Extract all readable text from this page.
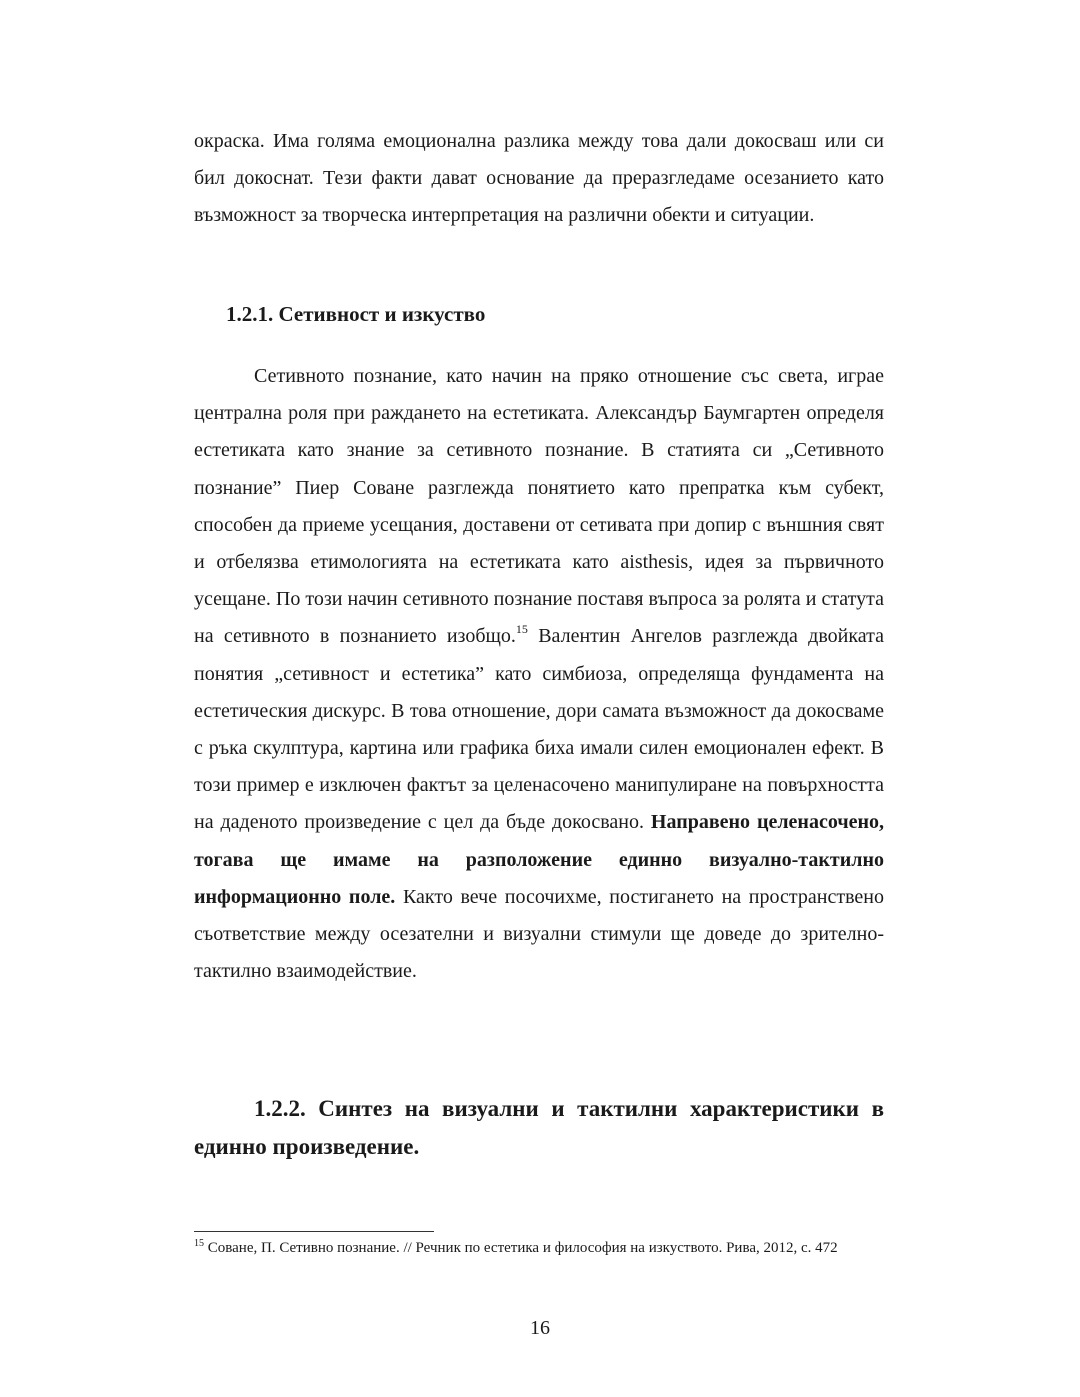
окраска. Има голяма емоционална разлика между това дали докосваш или си бил докоснат. Тези факти дават основание да преразгледаме осезанието като възможност за творческа интерпретация на различни обекти и ситуации.
1.2.1. Сетивност и изкуство
Сетивното познание, като начин на пряко отношение със света, играе централна роля при раждането на естетиката. Александър Баумгартен определя естетиката като знание за сетивното познание. В статията си „Сетивното познание” Пиер Соване разглежда понятието като препратка към субект, способен да приеме усещания, доставени от сетивата при допир с външния свят и отбелязва етимологията на естетиката като aisthesis, идея за първичното усещане. По този начин сетивното познание поставя въпроса за ролята и статута на сетивното в познанието изобщо.$^{15}$ Валентин Ангелов разглежда двойката понятия „сетивност и естетика” като симбиоза, определяща фундамента на естетическия дискурс. В това отношение, дори самата възможност да докосваме с ръка скулптура, картина или графика биха имали силен емоционален ефект. В този пример е изключен фактът за целенасочено манипулиране на повърхността на даденото произведение с цел да бъде докосвано. Направено целенасочено, тогава ще имаме на разположение единно визуално-тактилно информационно поле. Както вече посочихме, постигането на пространствено съответствие между осезателни и визуални стимули ще доведе до зрително-тактилно взаимодействие.
1.2.2. Синтез на визуални и тактилни характеристики в единно произведение.
$^{15}$ Соване, П. Сетивно познание. // Речник по естетика и философия на изкуството. Рива, 2012, с. 472
16
